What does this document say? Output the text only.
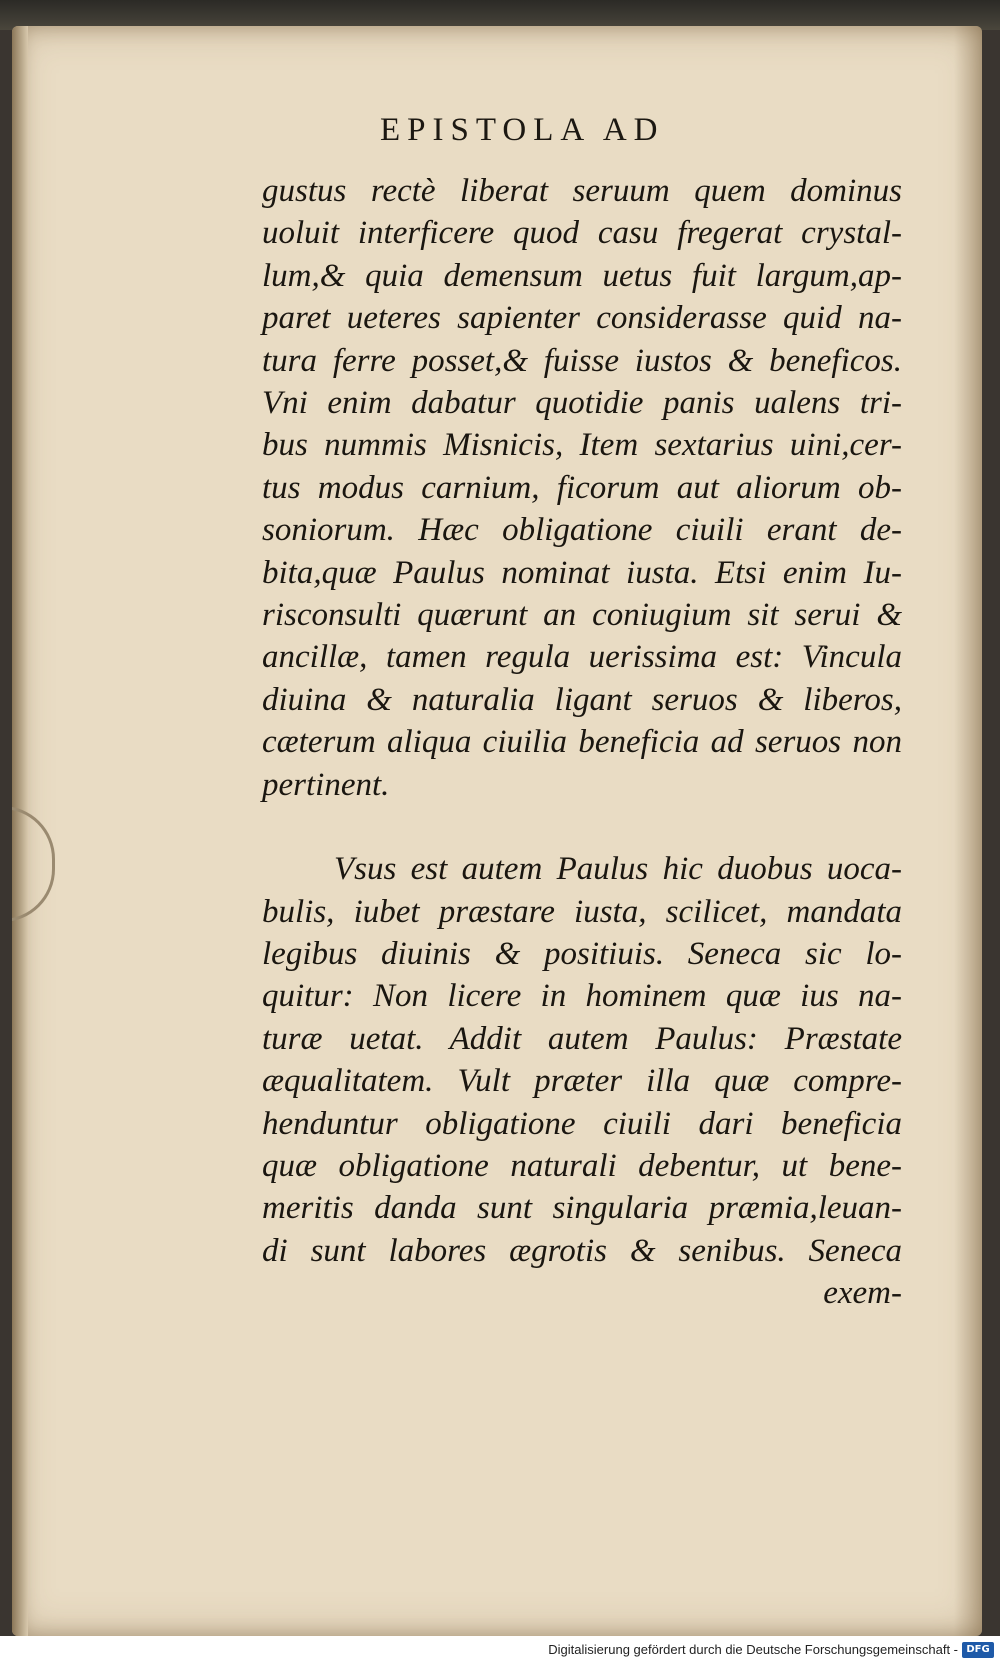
EPISTOLA AD
gustus rectè liberat seruum quem dominus
uoluit interficere quod casu fregerat crystal-
lum,& quia demensum uetus fuit largum,ap-
paret ueteres sapienter considerasse quid na-
tura ferre posset,& fuisse iustos & beneficos.
Vni enim dabatur quotidie panis ualens tri-
bus nummis Misnicis, Item sextarius uini,cer-
tus modus carnium, ficorum aut aliorum ob-
soniorum. Hæc obligatione ciuili erant de-
bita,quæ Paulus nominat iusta. Etsi enim Iu-
risconsulti quærunt an coniugium sit serui &
ancillæ, tamen regula uerissima est: Vincula
diuina & naturalia ligant seruos & liberos,
cæterum aliqua ciuilia beneficia ad seruos non
pertinent.
Vsus est autem Paulus hic duobus uoca-
bulis, iubet præstare iusta, scilicet, mandata
legibus diuinis & positiuis. Seneca sic lo-
quitur: Non licere in hominem quæ ius na-
turæ uetat. Addit autem Paulus: Præstate
æqualitatem. Vult præter illa quæ compre-
henduntur obligatione ciuili dari beneficia
quæ obligatione naturali debentur, ut bene-
meritis danda sunt singularia præmia,leuan-
di sunt labores ægrotis & senibus. Seneca
exem-
Digitalisierung gefördert durch die Deutsche Forschungsgemeinschaft - DFG
